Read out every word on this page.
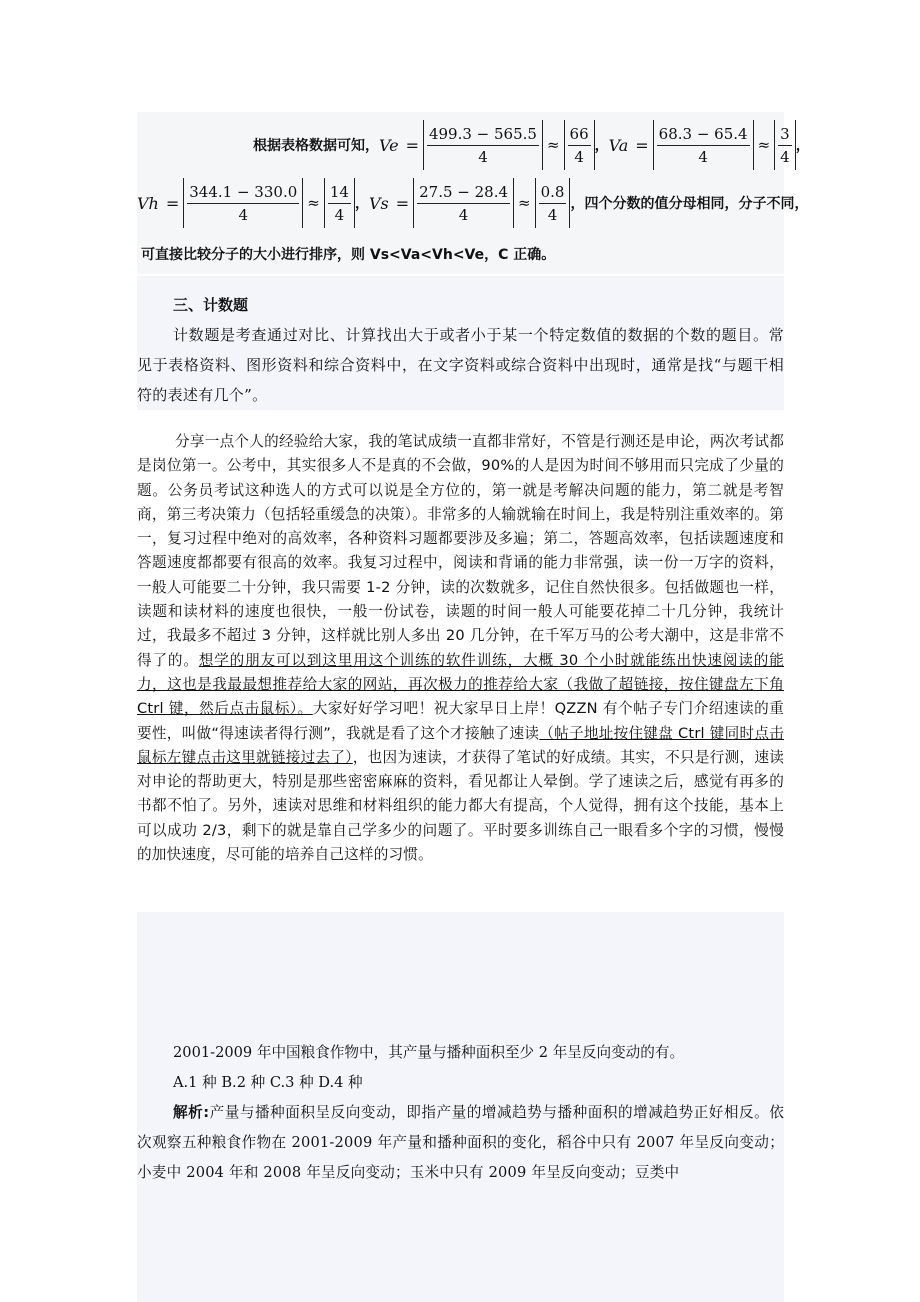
根据表格数据可知， $Ve = \frac{499.3 - 565.5}{4} \approx \frac{66}{4}$ ， $Va = \frac{68.3 - 65.4}{4} \approx \frac{3}{4}$ ，
$Vh = \frac{344.1 - 330.0}{4} \approx \frac{14}{4}$ ， $Vs = \frac{27.5 - 28.4}{4} \approx \frac{0.8}{4}$ ，四个分数的值分母相同，分子不同，
可直接比较分子的大小进行排序，则 Vs<Va<Vh<Ve，C 正确。
三、计数题
计数题是考查通过对比、计算找出大于或者小于某一个特定数值的数据的个数的题目。常见于表格资料、图形资料和综合资料中，在文字资料或综合资料中出现时，通常是找“与题干相符的表述有几个”。
分享一点个人的经验给大家，我的笔试成绩一直都非常好，不管是行测还是申论，两次考试都是岗位第一。公考中，其实很多人不是真的不会做，90%的人是因为时间不够用而只完成了少量的题。公务员考试这种选人的方式可以说是全方位的，第一就是考解决问题的能力，第二就是考智商，第三考决策力（包括轻重缓急的决策）。非常多的人输就输在时间上，我是特别注重效率的。第一，复习过程中绝对的高效率，各种资料习题都要涉及多遍；第二，答题高效率，包括读题速度和答题速度都都要有很高的效率。我复习过程中，阅读和背诵的能力非常强，读一份一万字的资料，一般人可能要二十分钟，我只需要 1-2 分钟，读的次数就多，记住自然快很多。包括做题也一样，读题和读材料的速度也很快，一般一份试卷，读题的时间一般人可能要花掉二十几分钟，我统计过，我最多不超过 3 分钟，这样就比别人多出 20 几分钟，在千军万马的公考大潮中，这是非常不得了的。想学的朋友可以到这里用这个训练的软件训练，大概 30 个小时就能练出快速阅读的能力，这也是我最最想推荐给大家的网站，再次极力的推荐给大家（我做了超链接，按住键盘左下角 Ctrl 键，然后点击鼠标）。大家好好学习吧！祝大家早日上岸！QZZN 有个帖子专门介绍速读的重要性，叫做“得速读者得行测”，我就是看了这个才接触了速读（帖子地址按住键盘 Ctrl 键同时点击鼠标左键点击这里就链接过去了），也因为速读，才获得了笔试的好成绩。其实，不只是行测，速读对申论的帮助更大，特别是那些密密麻麻的资料，看见都让人晕倒。学了速读之后，感觉有再多的书都不怕了。另外，速读对思维和材料组织的能力都大有提高，个人觉得，拥有这个技能，基本上可以成功 2/3，剩下的就是靠自己学多少的问题了。平时要多训练自己一眼看多个字的习惯，慢慢的加快速度，尽可能的培养自己这样的习惯。
2001-2009 年中国粮食作物中，其产量与播种面积至少 2 年呈反向变动的有。
A.1 种 B.2 种 C.3 种 D.4 种
解析:产量与播种面积呈反向变动，即指产量的增减趋势与播种面积的增减趋势正好相反。依次观察五种粮食作物在 2001-2009 年产量和播种面积的变化，稻谷中只有 2007 年呈反向变动；小麦中 2004 年和 2008 年呈反向变动；玉米中只有 2009 年呈反向变动；豆类中
